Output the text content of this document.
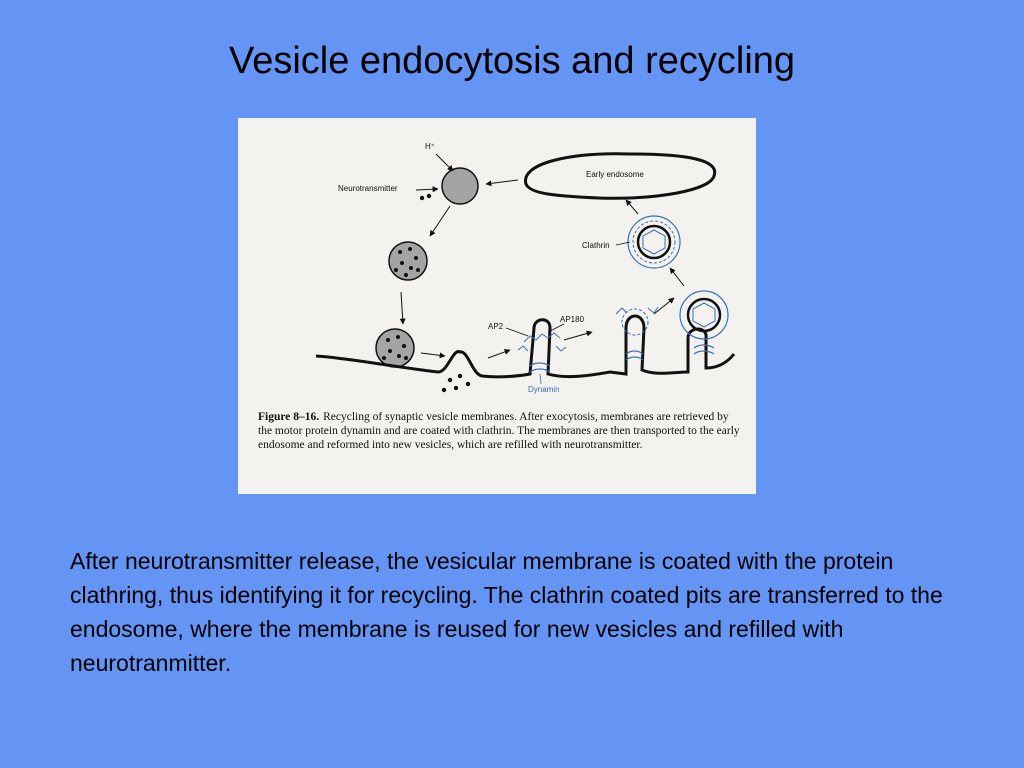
Vesicle endocytosis and recycling
H⁺
Neurotransmitter
Early endosome
AP2
AP180
Dynamin
Clathrin
Figure 8–16. Recycling of synaptic vesicle membranes. After exocytosis, membranes are retrieved by the motor protein dynamin and are coated with clathrin. The membranes are then transported to the early endosome and reformed into new vesicles, which are refilled with neurotransmitter.
After neurotransmitter release, the vesicular membrane is coated with the protein clathring, thus identifying it for recycling. The clathrin coated pits are transferred to the endosome, where the membrane is reused for new vesicles and refilled with neurotranmitter.
